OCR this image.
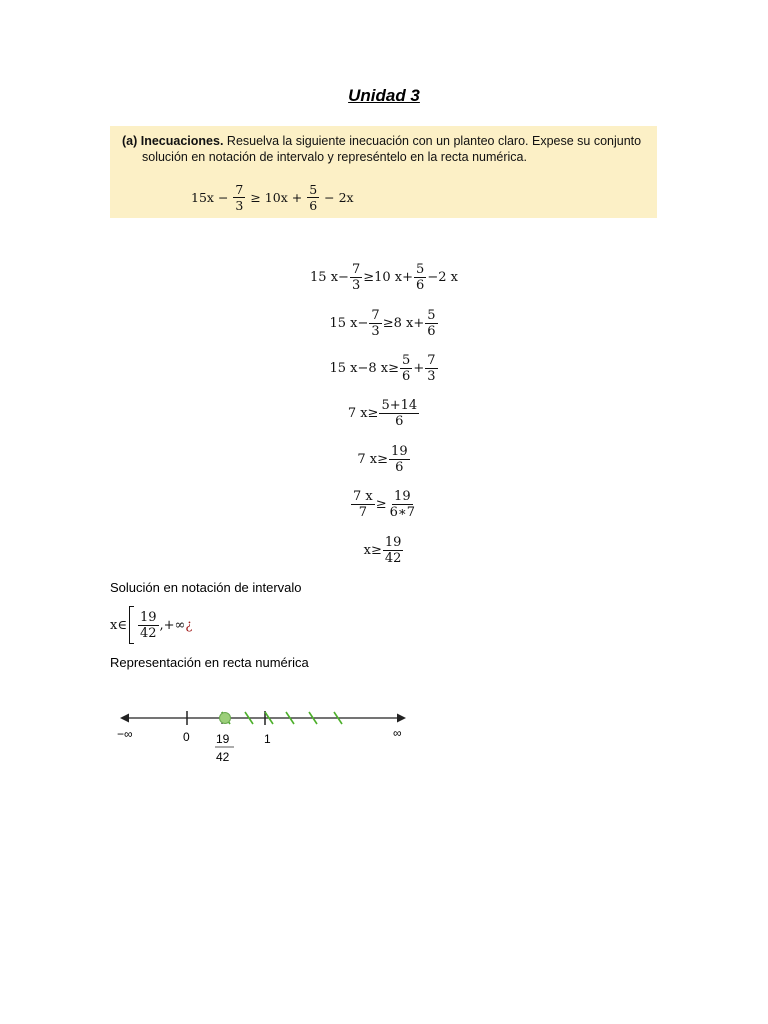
Unidad 3
(a) Inecuaciones. Resuelva la siguiente inecuación con un planteo claro. Expese su conjunto
solución en notación de intervalo y represéntelo en la recta numérica.
$15x - \frac{7}{3}$
≥
$10x + \frac{5}{6} - 2x$
15 $x - \frac{7}{3} \ge 10$ $x+ \frac{5}{6} -2$ x
15 $x- \frac{7}{3} \ge 8$ $x+ \frac{5}{6}$
15 x−8 $x\ge \frac{5}{6} + \frac{7}{3}$
7 $x\ge \frac{5+14}{6}$
7 $x\ge \frac{19}{6}$
$\frac{7 x}{7} \ge \frac{19}{6∗7}$
$x\ge \frac{19}{42}$
Solución en notación de intervalo
x∈ $\frac{19}{42}$ ,+∞ ¿
Representación en recta numérica
−∞	0 19
42
1	∞
